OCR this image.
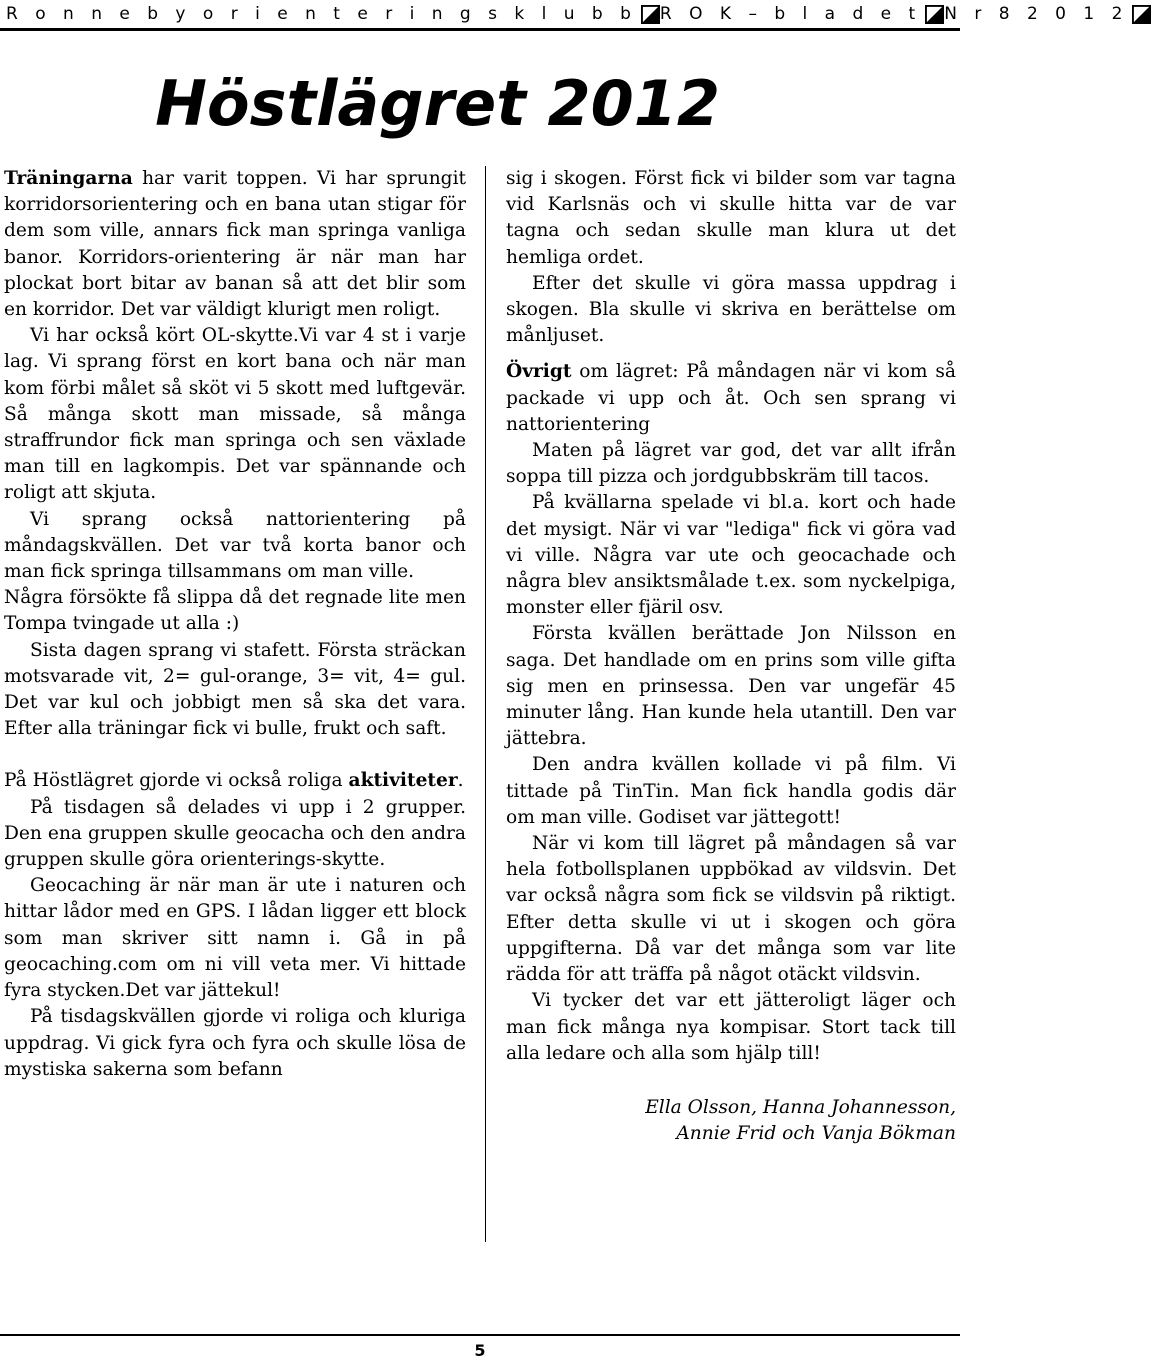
R o n n e b y o r i e n t e r i n g s k l u b b R O K – b l a d e t N r 8 2 0 1 2
Höstlägret 2012

Träningarna har varit toppen. Vi har sprungit korridorsorientering och en bana utan stigar för dem som ville, annars fick man springa vanliga banor. Korridors-orientering är när man har plockat bort bitar av banan så att det blir som en korridor. Det var väldigt klurigt men roligt.

Vi har också kört OL-skytte.Vi var 4 st i varje lag. Vi sprang först en kort bana och när man kom förbi målet så sköt vi 5 skott med luftgevär. Så många skott man missade, så många straffrundor fick man springa och sen växlade man till en lagkompis. Det var spännande och roligt att skjuta.

Vi sprang också nattorientering på måndagskvällen. Det var två korta banor och man fick springa tillsammans om man ville.

Några försökte få slippa då det regnade lite men Tompa tvingade ut alla :)

Sista dagen sprang vi stafett. Första sträckan motsvarade vit, 2= gul-orange, 3= vit, 4= gul. Det var kul och jobbigt men så ska det vara. Efter alla träningar fick vi bulle, frukt och saft.

På Höstlägret gjorde vi också roliga aktiviteter.

På tisdagen så delades vi upp i 2 grupper. Den ena gruppen skulle geocacha och den andra gruppen skulle göra orienterings-skytte.

Geocaching är när man är ute i naturen och hittar lådor med en GPS. I lådan ligger ett block som man skriver sitt namn i. Gå in på geocaching.com om ni vill veta mer. Vi hittade fyra stycken.Det var jättekul!

På tisdagskvällen gjorde vi roliga och kluriga uppdrag. Vi gick fyra och fyra och skulle lösa de mystiska sakerna som befann

sig i skogen. Först fick vi bilder som var tagna vid Karlsnäs och vi skulle hitta var de var tagna och sedan skulle man klura ut det hemliga ordet.

Efter det skulle vi göra massa uppdrag i skogen. Bla skulle vi skriva en berättelse om månljuset.

Övrigt om lägret: På måndagen när vi kom så packade vi upp och åt. Och sen sprang vi nattorientering

Maten på lägret var god, det var allt ifrån soppa till pizza och jordgubbskräm till tacos.

På kvällarna spelade vi bl.a. kort och hade det mysigt. När vi var "lediga" fick vi göra vad vi ville. Några var ute och geocachade och några blev ansiktsmålade t.ex. som nyckelpiga, monster eller fjäril osv.

Första kvällen berättade Jon Nilsson en saga. Det handlade om en prins som ville gifta sig men en prinsessa. Den var ungefär 45 minuter lång. Han kunde hela utantill. Den var jättebra.

Den andra kvällen kollade vi på film. Vi tittade på TinTin. Man fick handla godis där om man ville. Godiset var jättegott!

När vi kom till lägret på måndagen så var hela fotbollsplanen uppbökad av vildsvin. Det var också några som fick se vildsvin på riktigt. Efter detta skulle vi ut i skogen och göra uppgifterna. Då var det många som var lite rädda för att träffa på något otäckt vildsvin.

Vi tycker det var ett jätteroligt läger och man fick många nya kompisar. Stort tack till alla ledare och alla som hjälp till!

Ella Olsson, Hanna Johannesson,
Annie Frid och Vanja Bökman

5
